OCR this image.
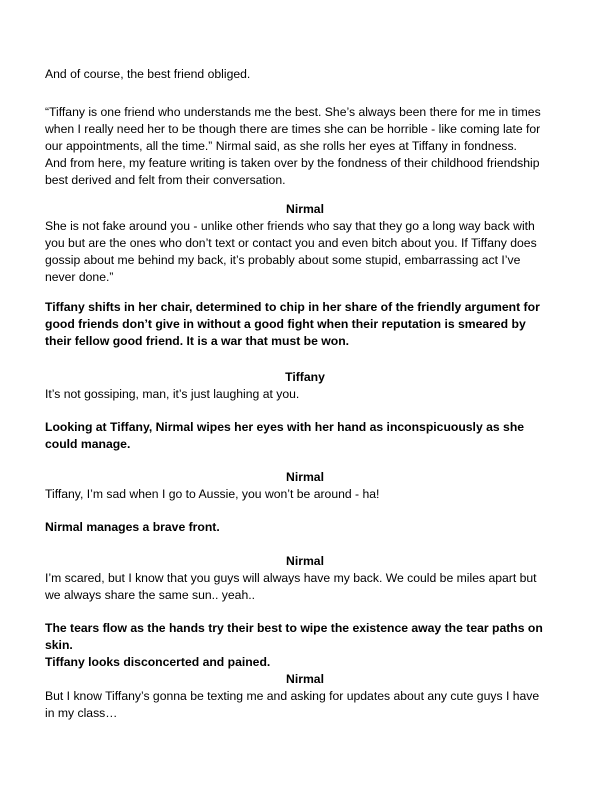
And of course, the best friend obliged.
“Tiffany is one friend who understands me the best. She’s always been there for me in times
when I really need her to be though there are times she can be horrible - like coming late for
our appointments, all the time.” Nirmal said, as she rolls her eyes at Tiffany in fondness.
And from here, my feature writing is taken over by the fondness of their childhood friendship
best derived and felt from their conversation.
Nirmal
She is not fake around you - unlike other friends who say that they go a long way back with
you but are the ones who don’t text or contact you and even bitch about you. If Tiffany does
gossip about me behind my back, it’s probably about some stupid, embarrassing act I’ve
never done.”
Tiffany shifts in her chair, determined to chip in her share of the friendly argument for
good friends don’t give in without a good fight when their reputation is smeared by
their fellow good friend. It is a war that must be won.
Tiffany
It’s not gossiping, man, it’s just laughing at you.
Looking at Tiffany, Nirmal wipes her eyes with her hand as inconspicuously as she
could manage.
Nirmal
Tiffany, I’m sad when I go to Aussie, you won’t be around - ha!
Nirmal manages a brave front.
Nirmal
I’m scared, but I know that you guys will always have my back. We could be miles apart but
we always share the same sun.. yeah..
The tears flow as the hands try their best to wipe the existence away the tear paths on
skin.
Tiffany looks disconcerted and pained.
Nirmal
But I know Tiffany’s gonna be texting me and asking for updates about any cute guys I have
in my class…
